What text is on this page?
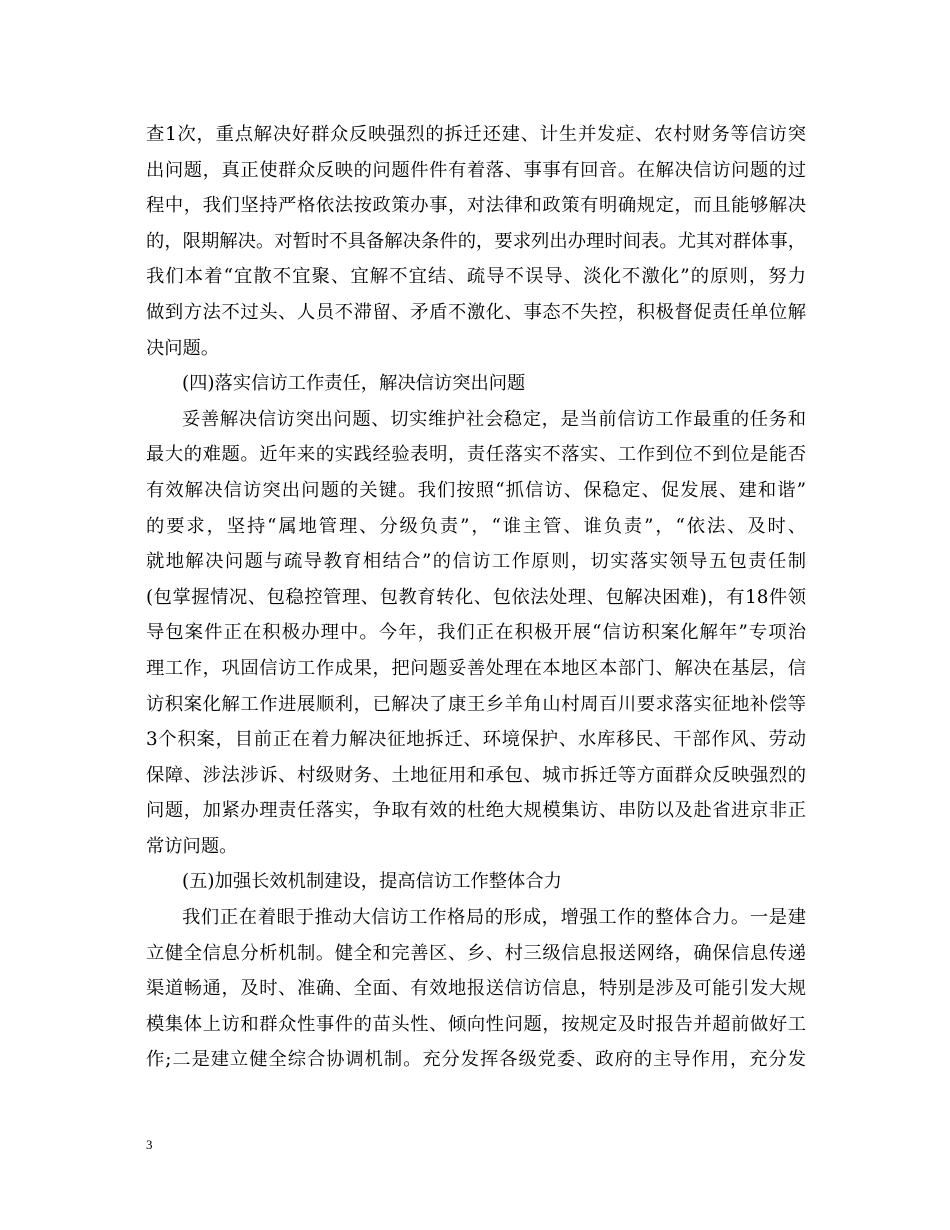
查1次，重点解决好群众反映强烈的拆迁还建、计生并发症、农村财务等信访突
出问题，真正使群众反映的问题件件有着落、事事有回音。在解决信访问题的过
程中，我们坚持严格依法按政策办事，对法律和政策有明确规定，而且能够解决
的，限期解决。对暂时不具备解决条件的，要求列出办理时间表。尤其对群体事，
我们本着“宜散不宜聚、宜解不宜结、疏导不误导、淡化不激化”的原则，努力
做到方法不过头、人员不滞留、矛盾不激化、事态不失控，积极督促责任单位解
决问题。
(四)落实信访工作责任，解决信访突出问题
妥善解决信访突出问题、切实维护社会稳定，是当前信访工作最重的任务和
最大的难题。近年来的实践经验表明，责任落实不落实、工作到位不到位是能否
有效解决信访突出问题的关键。我们按照“抓信访、保稳定、促发展、建和谐”
的要求，坚持“属地管理、分级负责”，“谁主管、谁负责”，“依法、及时、
就地解决问题与疏导教育相结合”的信访工作原则，切实落实领导五包责任制
(包掌握情况、包稳控管理、包教育转化、包依法处理、包解决困难)，有18件领
导包案件正在积极办理中。今年，我们正在积极开展“信访积案化解年”专项治
理工作，巩固信访工作成果，把问题妥善处理在本地区本部门、解决在基层，信
访积案化解工作进展顺利，已解决了康王乡羊角山村周百川要求落实征地补偿等
3个积案，目前正在着力解决征地拆迁、环境保护、水库移民、干部作风、劳动
保障、涉法涉诉、村级财务、土地征用和承包、城市拆迁等方面群众反映强烈的
问题，加紧办理责任落实，争取有效的杜绝大规模集访、串防以及赴省进京非正
常访问题。
(五)加强长效机制建设，提高信访工作整体合力
我们正在着眼于推动大信访工作格局的形成，增强工作的整体合力。一是建
立健全信息分析机制。健全和完善区、乡、村三级信息报送网络，确保信息传递
渠道畅通，及时、准确、全面、有效地报送信访信息，特别是涉及可能引发大规
模集体上访和群众性事件的苗头性、倾向性问题，按规定及时报告并超前做好工
作;二是建立健全综合协调机制。充分发挥各级党委、政府的主导作用，充分发
3
